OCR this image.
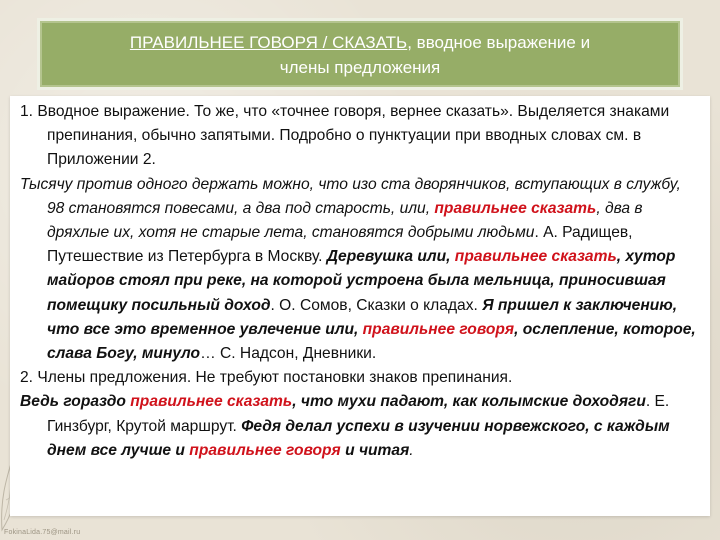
ПРАВИЛЬНЕЕ ГОВОРЯ / СКАЗАТЬ, вводное выражение и
члены предложения

1. Вводное выражение. То же, что «точнее говоря, вернее сказать». Выделяется знаками препинания, обычно запятыми. Подробно о пунктуации при вводных словах см. в Приложении 2.

Тысячу против одного держать можно, что изо ста дворянчиков, вступающих в службу, 98 становятся повесами, а два под старость, или, правильнее сказать, два в дряхлые их, хотя не старые лета, становятся добрыми людьми. А. Радищев, Путешествие из Петербурга в Москву. Деревушка или, правильнее сказать, хутор майоров стоял при реке, на которой устроена была мельница, приносившая помещику посильный доход. О. Сомов, Сказки о кладах. Я пришел к заключению, что все это временное увлечение или, правильнее говоря, ослепление, которое, слава Богу, минуло… С. Надсон, Дневники.

2. Члены предложения. Не требуют постановки знаков препинания.

Ведь гораздо правильнее сказать, что мухи падают, как колымские доходяги. Е. Гинзбург, Крутой маршрут. Федя делал успехи в изучении норвежского, с каждым днем все лучше и правильнее говоря и читая.

FokinaLida.75@mail.ru
